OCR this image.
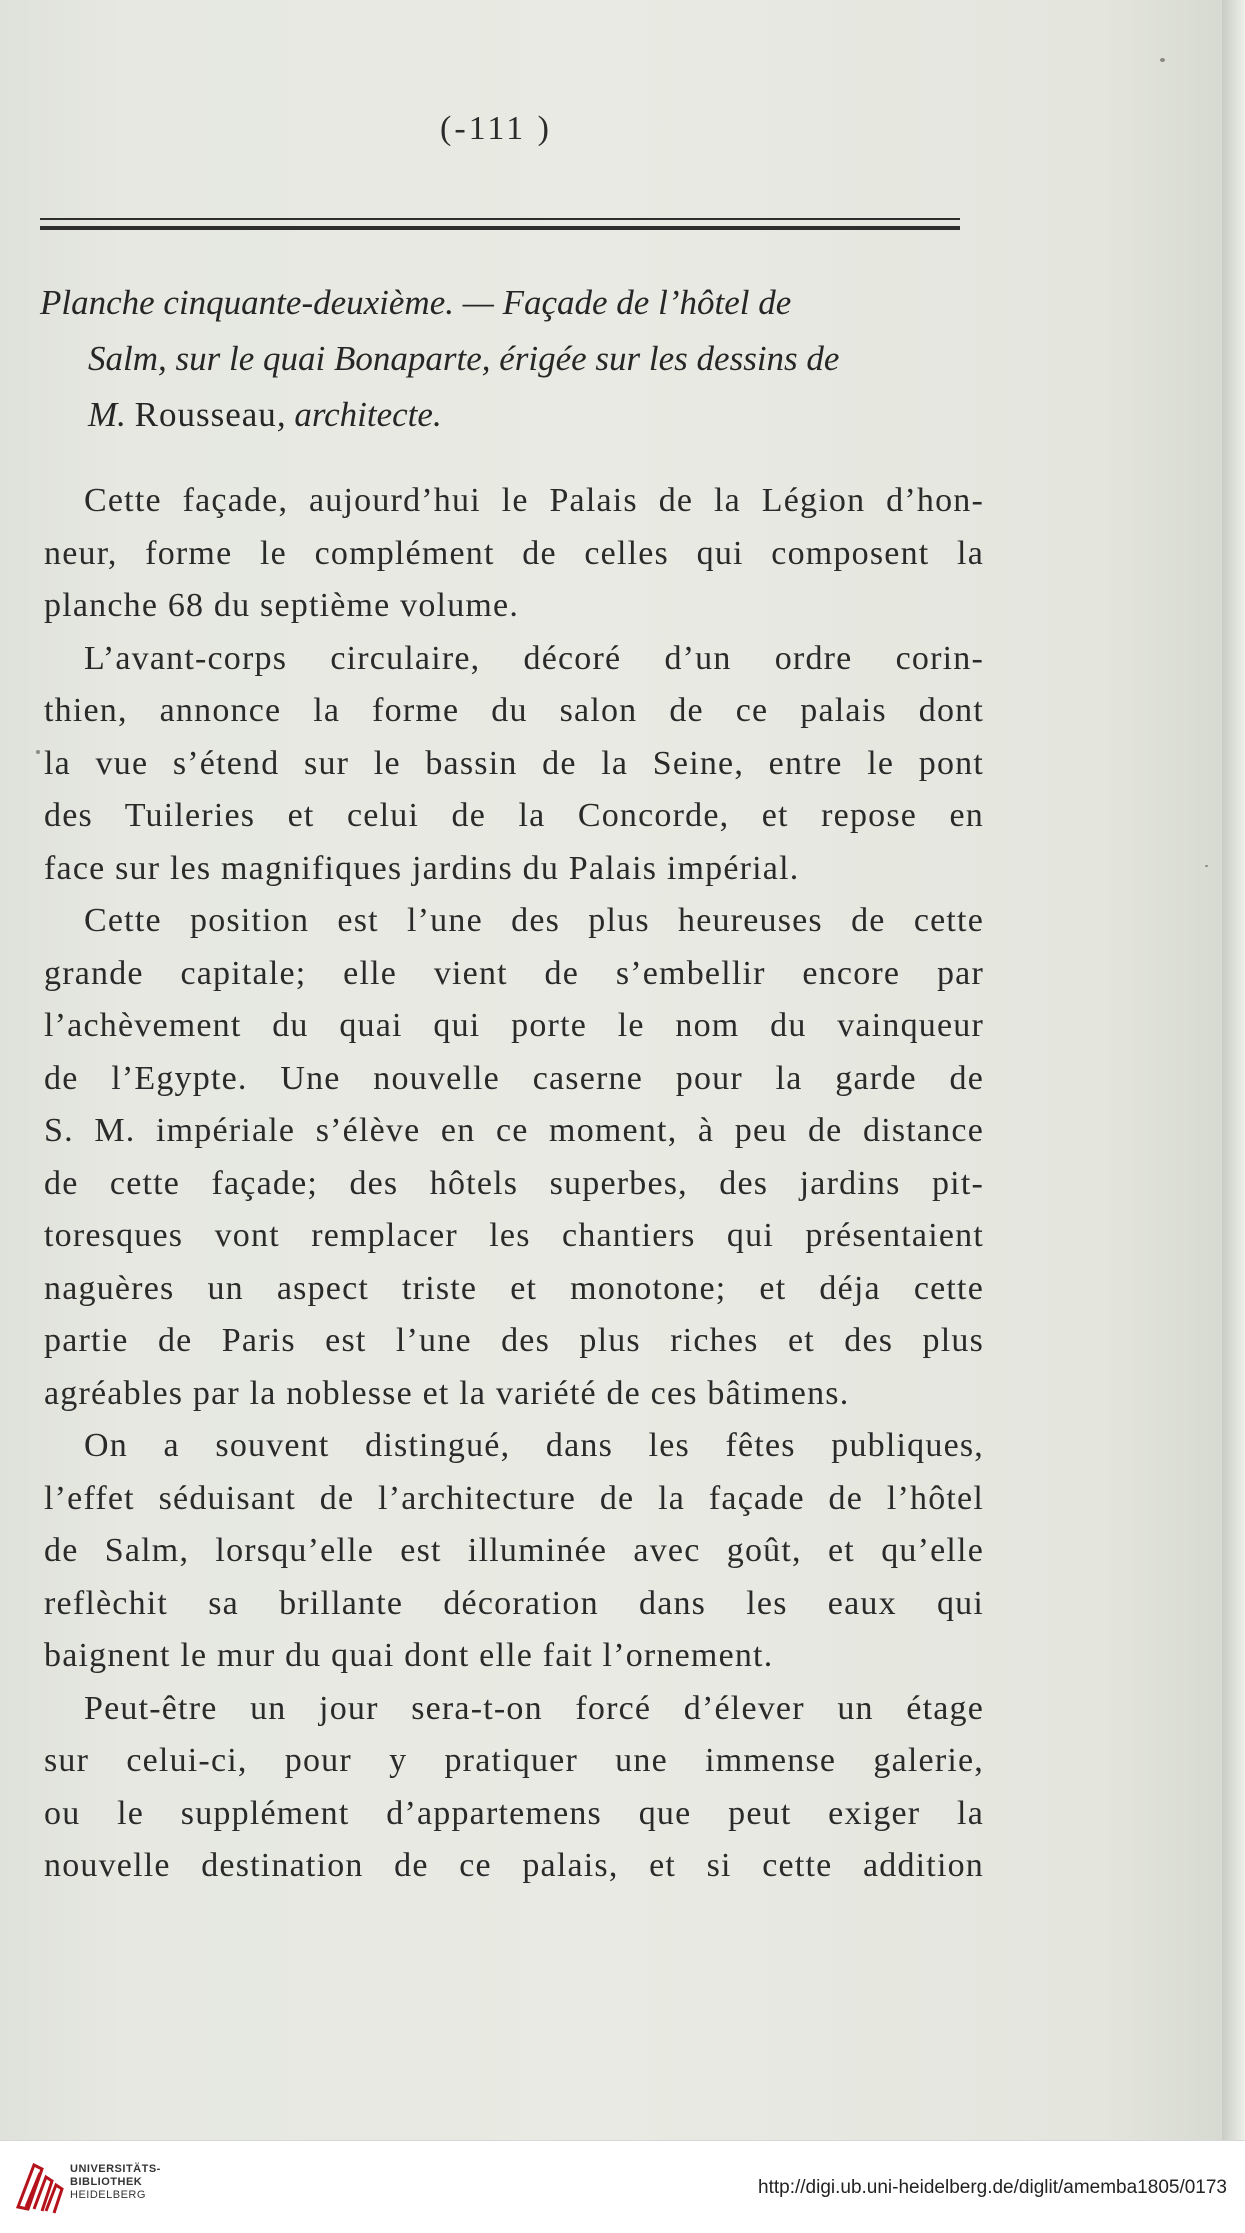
(-111 )
Planche cinquante-deuxième. — Façade de l’hôtel de
Salm, sur le quai Bonaparte, érigée sur les dessins de
M. Rousseau, architecte.
Cette façade, aujourd’hui le Palais de la Légion d’hon-
neur, forme le complément de celles qui composent la
planche 68 du septième volume.
L’avant-corps circulaire, décoré d’un ordre corin-
thien, annonce la forme du salon de ce palais dont
la vue s’étend sur le bassin de la Seine, entre le pont
des Tuileries et celui de la Concorde, et repose en
face sur les magnifiques jardins du Palais impérial.
Cette position est l’une des plus heureuses de cette
grande capitale; elle vient de s’embellir encore par
l’achèvement du quai qui porte le nom du vainqueur
de l’Egypte. Une nouvelle caserne pour la garde de
S. M. impériale s’élève en ce moment, à peu de distance
de cette façade; des hôtels superbes, des jardins pit-
toresques vont remplacer les chantiers qui présentaient
naguères un aspect triste et monotone; et déja cette
partie de Paris est l’une des plus riches et des plus
agréables par la noblesse et la variété de ces bâtimens.
On a souvent distingué, dans les fêtes publiques,
l’effet séduisant de l’architecture de la façade de l’hôtel
de Salm, lorsqu’elle est illuminée avec goût, et qu’elle
reflèchit sa brillante décoration dans les eaux qui
baignent le mur du quai dont elle fait l’ornement.
Peut-être un jour sera-t-on forcé d’élever un étage
sur celui-ci, pour y pratiquer une immense galerie,
ou le supplément d’appartemens que peut exiger la
nouvelle destination de ce palais, et si cette addition
UNIVERSITÄTS-
BIBLIOTHEK
HEIDELBERG	http://digi.ub.uni-heidelberg.de/diglit/amemba1805/0173
